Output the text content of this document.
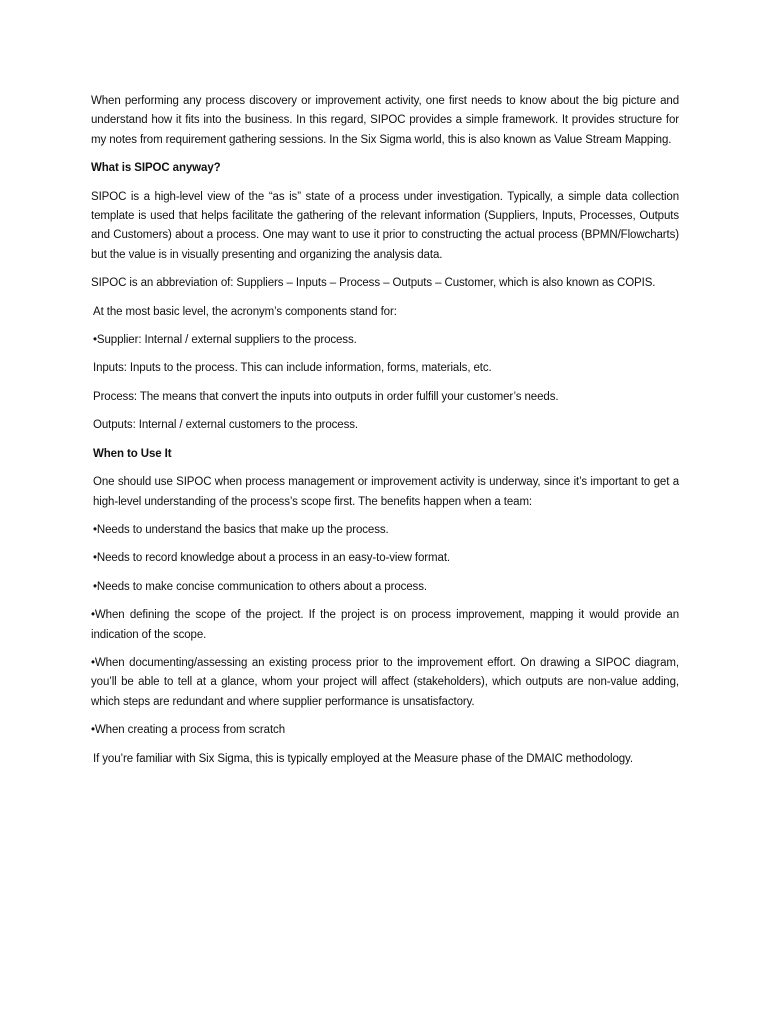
When performing any process discovery or improvement activity, one first needs to know about the big picture and understand how it fits into the business. In this regard, SIPOC provides a simple framework. It provides structure for my notes from requirement gathering sessions. In the Six Sigma world, this is also known as Value Stream Mapping.

What is SIPOC anyway?

SIPOC is a high-level view of the “as is” state of a process under investigation. Typically, a simple data collection template is used that helps facilitate the gathering of the relevant information (Suppliers, Inputs, Processes, Outputs and Customers) about a process. One may want to use it prior to constructing the actual process (BPMN/Flowcharts) but the value is in visually presenting and organizing the analysis data.

SIPOC is an abbreviation of: Suppliers – Inputs – Process – Outputs – Customer, which is also known as COPIS.

At the most basic level, the acronym’s components stand for:

•Supplier: Internal / external suppliers to the process.

Inputs: Inputs to the process. This can include information, forms, materials, etc.

Process: The means that convert the inputs into outputs in order fulfill your customer’s needs.

Outputs: Internal / external customers to the process.

When to Use It

One should use SIPOC when process management or improvement activity is underway, since it’s important to get a high-level understanding of the process’s scope first. The benefits happen when a team:

•Needs to understand the basics that make up the process.

•Needs to record knowledge about a process in an easy-to-view format.

•Needs to make concise communication to others about a process.

•When defining the scope of the project. If the project is on process improvement, mapping it would provide an indication of the scope.

•When documenting/assessing an existing process prior to the improvement effort. On drawing a SIPOC diagram, you’ll be able to tell at a glance, whom your project will affect (stakeholders), which outputs are non-value adding, which steps are redundant and where supplier performance is unsatisfactory.

•When creating a process from scratch

If you’re familiar with Six Sigma, this is typically employed at the Measure phase of the DMAIC methodology.
